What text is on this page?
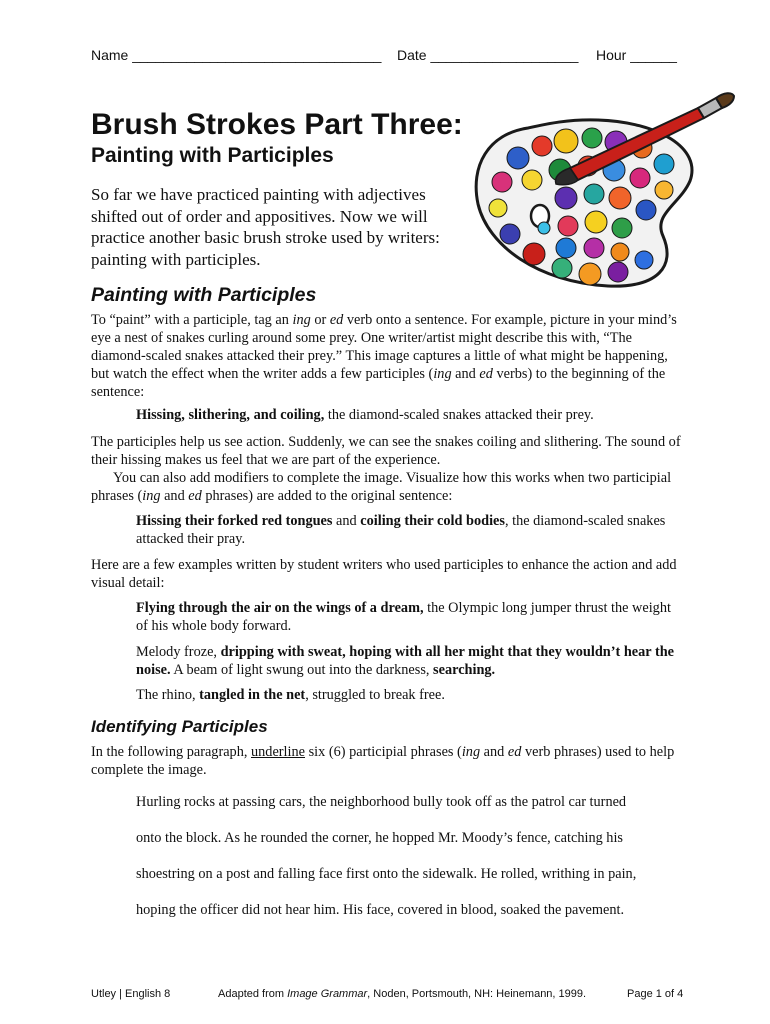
Name ________________________________ Date ___________________ Hour ______
Brush Strokes Part Three:
Painting with Participles

So far we have practiced painting with adjectives shifted out of order and appositives. Now we will practice another basic brush stroke used by writers: painting with participles.

Painting with Participles

To “paint” with a participle, tag an ing or ed verb onto a sentence. For example, picture in your mind’s eye a nest of snakes curling around some prey. One writer/artist might describe this with, “The diamond-scaled snakes attacked their prey.” This image captures a little of what might be happening, but watch the effect when the writer adds a few participles (ing and ed verbs) to the beginning of the sentence:

Hissing, slithering, and coiling, the diamond-scaled snakes attacked their prey.

The participles help us see action. Suddenly, we can see the snakes coiling and slithering. The sound of their hissing makes us feel that we are part of the experience.

You can also add modifiers to complete the image. Visualize how this works when two participial phrases (ing and ed phrases) are added to the original sentence:

Hissing their forked red tongues and coiling their cold bodies, the diamond-scaled snakes attacked their pray.

Here are a few examples written by student writers who used participles to enhance the action and add visual detail:

Flying through the air on the wings of a dream, the Olympic long jumper thrust the weight of his whole body forward.

Melody froze, dripping with sweat, hoping with all her might that they wouldn’t hear the noise. A beam of light swung out into the darkness, searching.

The rhino, tangled in the net, struggled to break free.

Identifying Participles

In the following paragraph, underline six (6) participial phrases (ing and ed verb phrases) used to help complete the image.

Hurling rocks at passing cars, the neighborhood bully took off as the patrol car turned

onto the block. As he rounded the corner, he hopped Mr. Moody’s fence, catching his

shoestring on a post and falling face first onto the sidewalk. He rolled, writhing in pain,

hoping the officer did not hear him. His face, covered in blood, soaked the pavement.

Utley | English 8	Adapted from Image Grammar, Noden, Portsmouth, NH: Heinemann, 1999.	Page 1 of 4
